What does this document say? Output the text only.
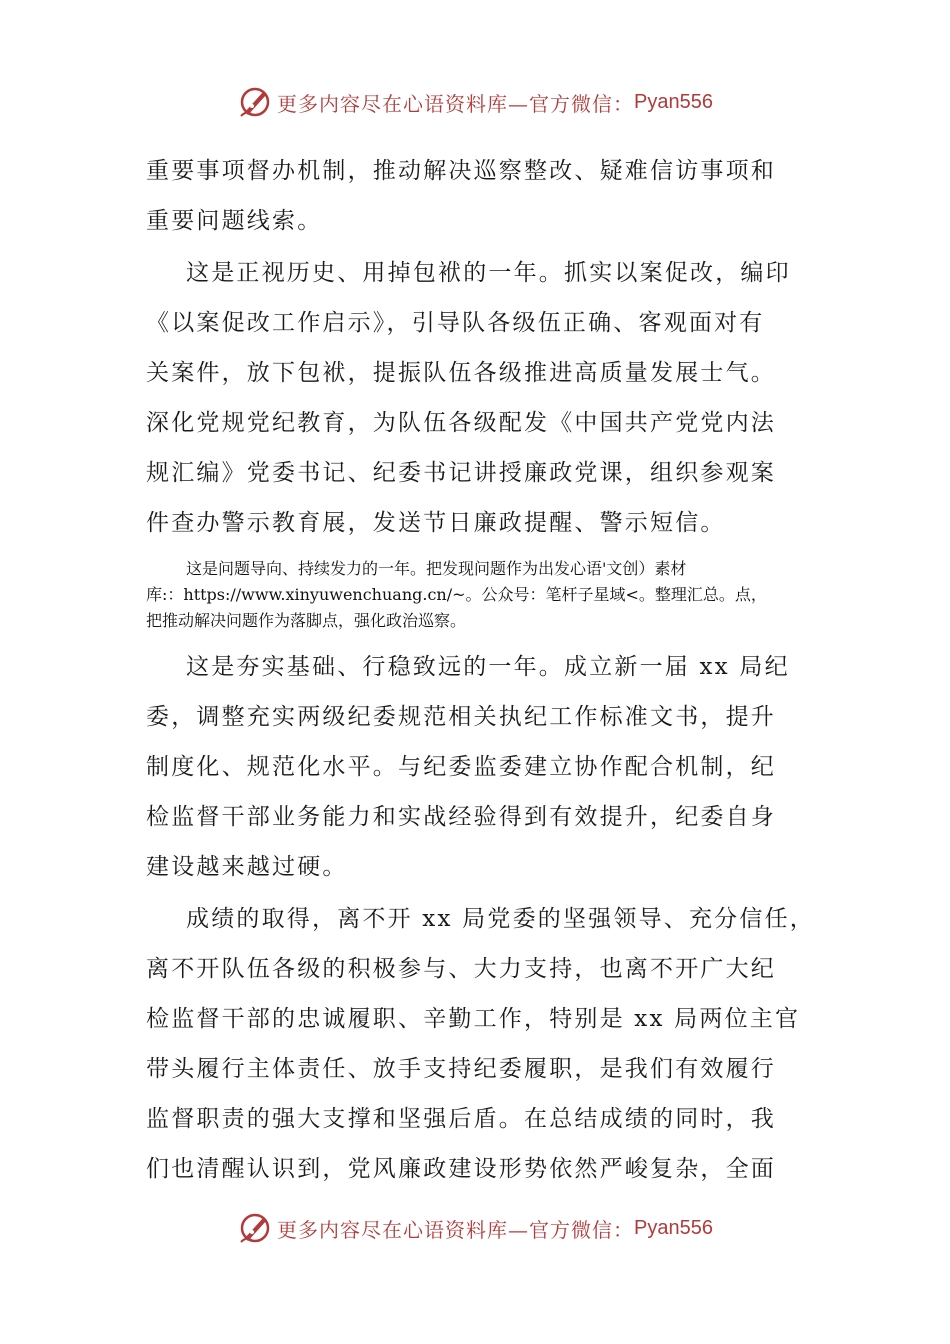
更多内容尽在心语资料库—官方微信： Pyan556
重要事项督办机制，推动解决巡察整改、疑难信访事项和
重要问题线索。
这是正视历史、用掉包袱的一年。抓实以案促改，编印
《以案促改工作启示》，引导队各级伍正确、客观面对有
关案件，放下包袱，提振队伍各级推进高质量发展士气。
深化党规党纪教育，为队伍各级配发《中国共产党党内法
规汇编》党委书记、纪委书记讲授廉政党课，组织参观案
件查办警示教育展，发送节日廉政提醒、警示短信。
这是问题导向、持续发力的一年。把发现问题作为出发心语'文创）素材
库:：https://www.xinyuwenchuang.cn/~。公众号：笔杆子星域<。整理汇总。点，
把推动解决问题作为落脚点，强化政治巡察。
这是夯实基础、行稳致远的一年。成立新一届 xx 局纪
委，调整充实两级纪委规范相关执纪工作标准文书，提升
制度化、规范化水平。与纪委监委建立协作配合机制，纪
检监督干部业务能力和实战经验得到有效提升，纪委自身
建设越来越过硬。
成绩的取得，离不开 xx 局党委的坚强领导、充分信任，
离不开队伍各级的积极参与、大力支持，也离不开广大纪
检监督干部的忠诚履职、辛勤工作，特别是 xx 局两位主官
带头履行主体责任、放手支持纪委履职，是我们有效履行
监督职责的强大支撑和坚强后盾。在总结成绩的同时，我
们也清醒认识到，党风廉政建设形势依然严峻复杂，全面
更多内容尽在心语资料库—官方微信： Pyan556
